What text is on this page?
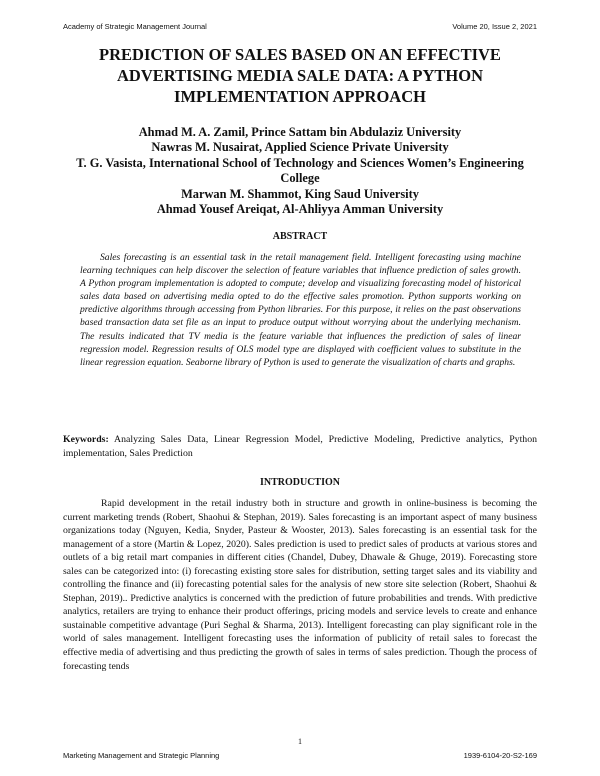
Academy of Strategic Management Journal	Volume 20, Issue 2, 2021
PREDICTION OF SALES BASED ON AN EFFECTIVE
ADVERTISING MEDIA SALE DATA: A PYTHON
IMPLEMENTATION APPROACH
Ahmad M. A. Zamil, Prince Sattam bin Abdulaziz University
Nawras M. Nusairat, Applied Science Private University
T. G. Vasista, International School of Technology and Sciences Women’s Engineering College
Marwan M. Shammot, King Saud University
Ahmad Yousef Areiqat, Al-Ahliyya Amman University
ABSTRACT
Sales forecasting is an essential task in the retail management field. Intelligent forecasting using machine learning techniques can help discover the selection of feature variables that influence prediction of sales growth. A Python program implementation is adopted to compute; develop and visualizing forecasting model of historical sales data based on advertising media opted to do the effective sales promotion. Python supports working on predictive algorithms through accessing from Python libraries. For this purpose, it relies on the past observations based transaction data set file as an input to produce output without worrying about the underlying mechanism. The results indicated that TV media is the feature variable that influences the prediction of sales of linear regression model. Regression results of OLS model type are displayed with coefficient values to substitute in the linear regression equation. Seaborne library of Python is used to generate the visualization of charts and graphs.
Keywords: Analyzing Sales Data, Linear Regression Model, Predictive Modeling, Predictive analytics, Python implementation, Sales Prediction
INTRODUCTION
Rapid development in the retail industry both in structure and growth in online-business is becoming the current marketing trends (Robert, Shaohui & Stephan, 2019). Sales forecasting is an important aspect of many business organizations today (Nguyen, Kedia, Snyder, Pasteur & Wooster, 2013). Sales forecasting is an essential task for the management of a store (Martin & Lopez, 2020). Sales prediction is used to predict sales of products at various stores and outlets of a big retail mart companies in different cities (Chandel, Dubey, Dhawale & Ghuge, 2019). Forecasting store sales can be categorized into: (i) forecasting existing store sales for distribution, setting target sales and its viability and controlling the finance and (ii) forecasting potential sales for the analysis of new store site selection (Robert, Shaohui & Stephan, 2019).. Predictive analytics is concerned with the prediction of future probabilities and trends. With predictive analytics, retailers are trying to enhance their product offerings, pricing models and service levels to create and enhance sustainable competitive advantage (Puri Seghal & Sharma, 2013). Intelligent forecasting can play significant role in the world of sales management. Intelligent forecasting uses the information of publicity of retail sales to forecast the effective media of advertising and thus predicting the growth of sales in terms of sales prediction. Though the process of forecasting tends
1
Marketing Management and Strategic Planning	1939-6104-20-S2-169
